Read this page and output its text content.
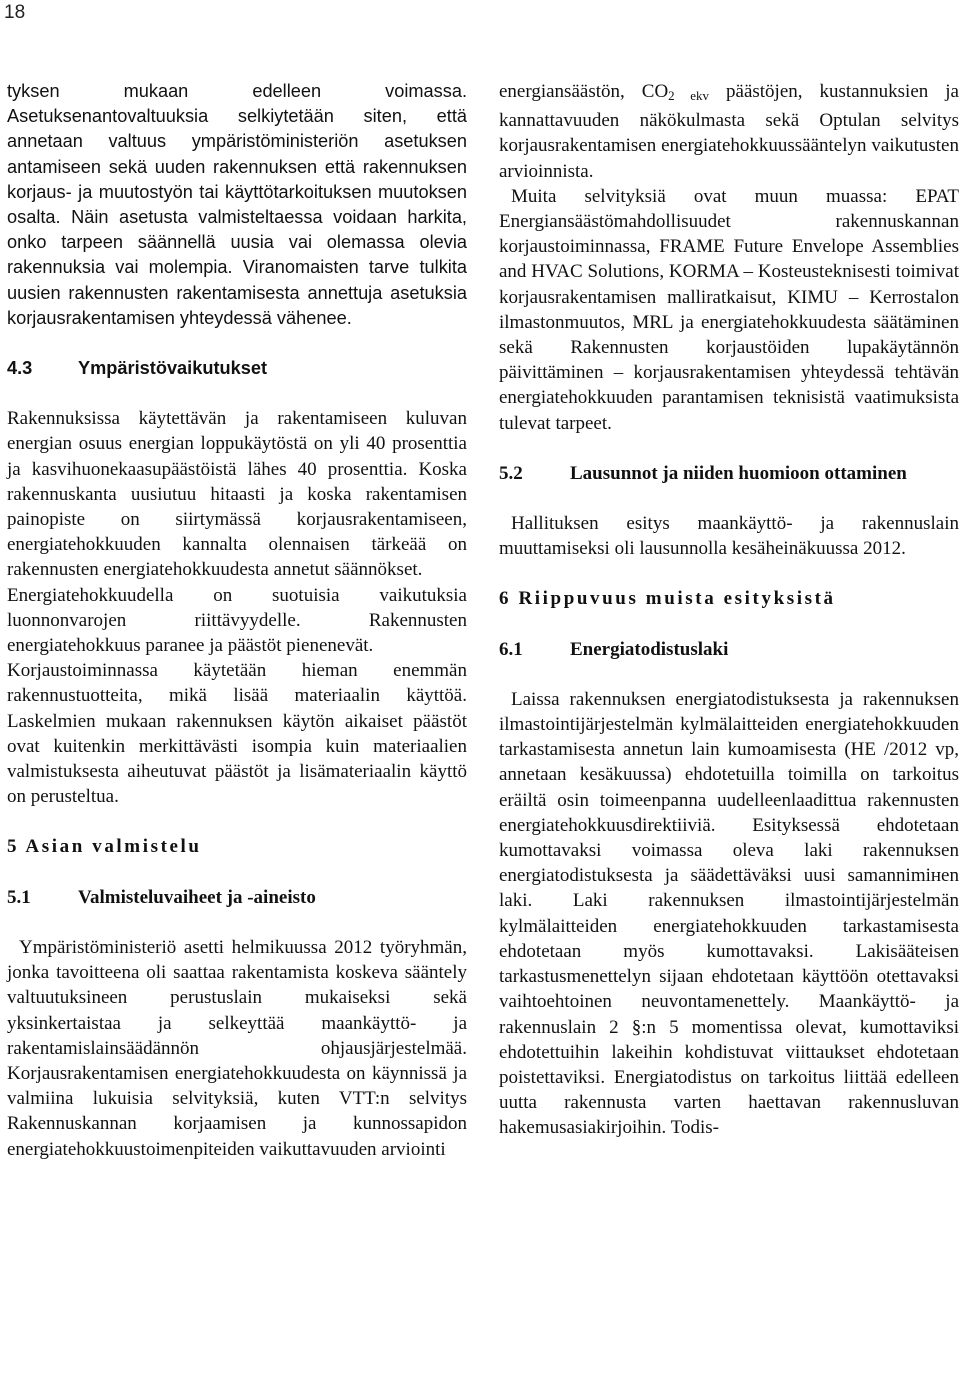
18

tyksen mukaan edelleen voimassa. Asetuksenantovaltuuksia selkiytetään siten, että annetaan valtuus ympäristöministeriön asetuksen antamiseen sekä uuden rakennuksen että rakennuksen korjaus- ja muutostyön tai käyttötarkoituksen muutoksen osalta. Näin asetusta valmisteltaessa voidaan harkita, onko tarpeen säännellä uusia vai olemassa olevia rakennuksia vai molempia. Viranomaisten tarve tulkita uusien rakennusten rakentamisesta annettuja asetuksia korjausrakentamisen yhteydessä vähenee.

4.3	Ympäristövaikutukset

Rakennuksissa käytettävän ja rakentamiseen kuluvan energian osuus energian loppukäytöstä on yli 40 prosenttia ja kasvihuonekaasupäästöistä lähes 40 prosenttia. Koska rakennuskanta uusiutuu hitaasti ja koska rakentamisen painopiste on siirtymässä korjausrakentamiseen, energiatehokkuuden kannalta olennaisen tärkeää on rakennusten energiatehokkuudesta annetut säännökset.

Energiatehokkuudella on suotuisia vaikutuksia luonnonvarojen riittävyydelle. Rakennusten energiatehokkuus paranee ja päästöt pienenevät.

Korjaustoiminnassa käytetään hieman enemmän rakennustuotteita, mikä lisää materiaalin käyttöä. Laskelmien mukaan rakennuksen käytön aikaiset päästöt ovat kuitenkin merkittävästi isompia kuin materiaalien valmistuksesta aiheutuvat päästöt ja lisämateriaalin käyttö on perusteltua.

5 Asian valmistelu

5.1	Valmisteluvaiheet ja -aineisto

Ympäristöministeriö asetti helmikuussa 2012 työryhmän, jonka tavoitteena oli saattaa rakentamista koskeva sääntely valtuutuksineen perustuslain mukaiseksi sekä yksinkertaistaa ja selkeyttää maankäyttö- ja rakentamislainsäädännön ohjausjärjestelmää. Korjausrakentamisen energiatehokkuudesta on käynnissä ja valmiina lukuisia selvityksiä, kuten VTT:n selvitys Rakennuskannan korjaamisen ja kunnossapidon energiatehokkuustoimenpiteiden vaikuttavuuden arviointi

energiansäästön, $CO_{2 ekv}$ päästöjen, kustannuksien ja kannattavuuden näkökulmasta sekä Optulan selvitys korjausrakentamisen energiatehokkuussääntelyn vaikutusten arvioinnista.

Muita selvityksiä ovat muun muassa: EPAT Energiansäästömahdollisuudet rakennuskannan korjaustoiminnassa, FRAME Future Envelope Assemblies and HVAC Solutions, KORMA – Kosteusteknisesti toimivat korjausrakentamisen malliratkaisut, KIMU – Kerrostalon ilmastonmuutos, MRL ja energiatehokkuudesta säätäminen sekä Rakennusten korjaustöiden lupakäytännön päivittäminen – korjausrakentamisen yhteydessä tehtävän energiatehokkuuden parantamisen teknisistä vaatimuksista tulevat tarpeet.

5.2	Lausunnot ja niiden huomioon ottaminen

Hallituksen esitys maankäyttö- ja rakennuslain muuttamiseksi oli lausunnolla kesäheinäkuussa 2012.

6 Riippuvuus muista esityksistä

6.1	Energiatodistuslaki

Laissa rakennuksen energiatodistuksesta ja rakennuksen ilmastointijärjestelmän kylmälaitteiden energiatehokkuuden tarkastamisesta annetun lain kumoamisesta (HE /2012 vp, annetaan kesäkuussa) ehdotetuilla toimilla on tarkoitus eräiltä osin toimeenpanna uudelleenlaadittua rakennusten energiatehokkuusdirektiiviä. Esityksessä ehdotetaan kumottavaksi voimassa oleva laki rakennuksen energiatodistuksesta ja säädettäväksi uusi samannimінen laki. Laki rakennuksen ilmastointijärjestelmän kylmälaitteiden energiatehokkuuden tarkastamisesta ehdotetaan myös kumottavaksi. Lakisääteisen tarkastusmenettelyn sijaan ehdotetaan käyttöön otettavaksi vaihtoehtoinen neuvontamenettely. Maankäyttö- ja rakennuslain 2 §:n 5 momentissa olevat, kumottaviksi ehdotettuihin lakeihin kohdistuvat viittaukset ehdotetaan poistettaviksi. Energiatodistus on tarkoitus liittää edelleen uutta rakennusta varten haettavan rakennusluvan hakemusasiakirjoihin. Todis-
